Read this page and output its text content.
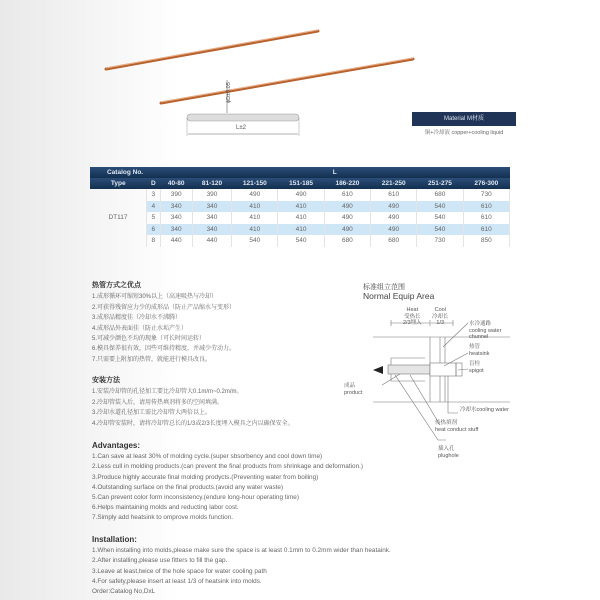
ϕD±0.05
L±2
Material M材质
铜+冷却液 copper+cooling liquid
Catalog No.		L							
Type	D	40-80	81-120	121-150	151-185	186-220	221-250	251-275	276-300
DT117	3	390	390	490	490	610	610	680	730
	4	340	340	410	410	490	490	540	610
	5	340	340	410	410	490	490	540	610
	6	340	340	410	410	490	490	540	610
	8	440	440	540	540	680	680	730	850
热管方式之优点
1.成形循环可缩短30%以上（高速吸热与冷却）
2.可获得残留应力少的成形品（防止产品缩水与变形）
3.成形品精度佳（冷却水不沸腾）
4.成形品外表面佳（防止水垢产生）
5.可减少颜色不均的现象（可长时间运转）
6.模具保养很有效，因些可维持精度，并减少劳动力。
7.只需要上附加的热管，就能进行模具改良。
安装方法
1.安装冷却管的孔径加工要比冷却管大0.1m/m~0.2m/m。
2.冷却管装入后，请用传热填剂将多的空间填满。
3.冷却水道孔径加工需比冷却管大两倍以上。
4.冷却管安装时，请将冷却管总长的1/3或2/3长度埋入模具之内以确保安全。
标准组立范围
Normal Equip Area
Heat
受热长
2/3埋入
Cool
冷却长
1/3	水冷通路
cooling water
chunnel
热管
heatsink
盲栓
spigot
成品
product
冷却水cooling water
传热填剂
heat conduct stuff
插入孔
plughole
Advantages:
1.Can save at least 30% of molding cycle.(super sbsorbency and cool down time)
2.Less cull in molding products.(can prevent the final products from shrinkage and deformation.)
3.Produce highly accurate final molding prodycts.(Preventing water from boiling)
4.Outstanding surface on the final products.(avoid any water waste)
5.Can prevent color form inconsistency.(endure long-hour operating time)
6.Helps maintaining molds and reducting labor cost.
7.Simply add heatsink to omprove molds function.
Installation:
1.When installing into molds,please make sure the space is at least 0.1mm to 0.2mm wider than heataink.
2.After installing,please use fitters to fill the gap.
3.Leave at least,twice of the hole space for water cooling path
4.For safety,please insert at least 1/3 of heatsink into molds.
Order:Catalog No,DxL
